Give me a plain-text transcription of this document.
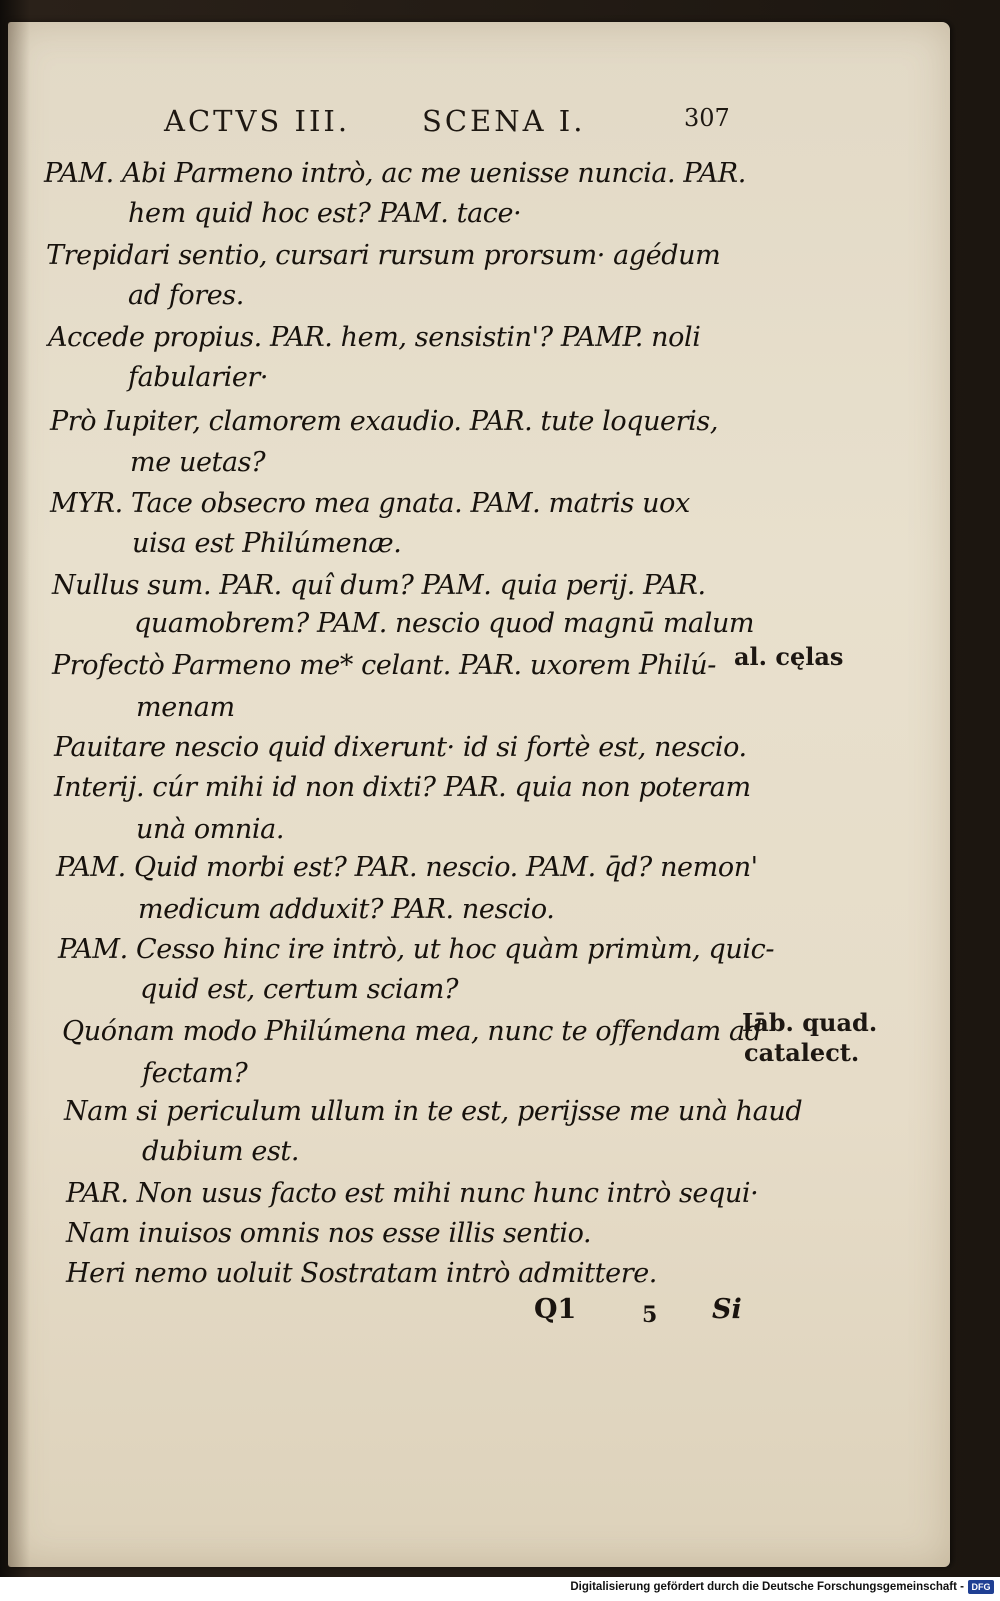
ACTVS III. SCENA I.	307
PAM. Abi Parmeno intrò, ac me uenisse nuncia. PAR.
hem quid hoc est? PAM. tace·
Trepidari sentio, cursari rursum prorsum· agédum
ad fores.
Accede propius. PAR. hem, sensistin'? PAMP. noli
fabularier·
Prò Iupiter, clamorem exaudio. PAR. tute loqueris,
me uetas?
MYR. Tace obsecro mea gnata. PAM. matris uox
uisa est Philúmenæ.
Nullus sum. PAR. quî dum? PAM. quia perij. PAR.
quamobrem? PAM. nescio quod magnū malum
Profectò Parmeno me* celant. PAR. uxorem Philú-
menam
Pauitare nescio quid dixerunt· id si fortè est, nescio.
Interij. cúr mihi id non dixti? PAR. quia non poteram
unà omnia.
PAM. Quid morbi est? PAR. nescio. PAM. q̄d? nemon'
medicum adduxit? PAR. nescio.
PAM. Cesso hinc ire intrò, ut hoc quàm primùm, quic-
quid est, certum sciam?
Quónam modo Philúmena mea, nunc te offendam ad
fectam?
Nam si periculum ullum in te est, perijsse me unà haud
dubium est.
PAR. Non usus facto est mihi nunc hunc intrò sequi·
Nam inuisos omnis nos esse illis sentio.
Heri nemo uoluit Sostratam intrò admittere.
al. cęlas
Iāb. quad.
catalect.
Q1	5 Si
Digitalisierung gefördert durch die Deutsche Forschungsgemeinschaft - DFG
